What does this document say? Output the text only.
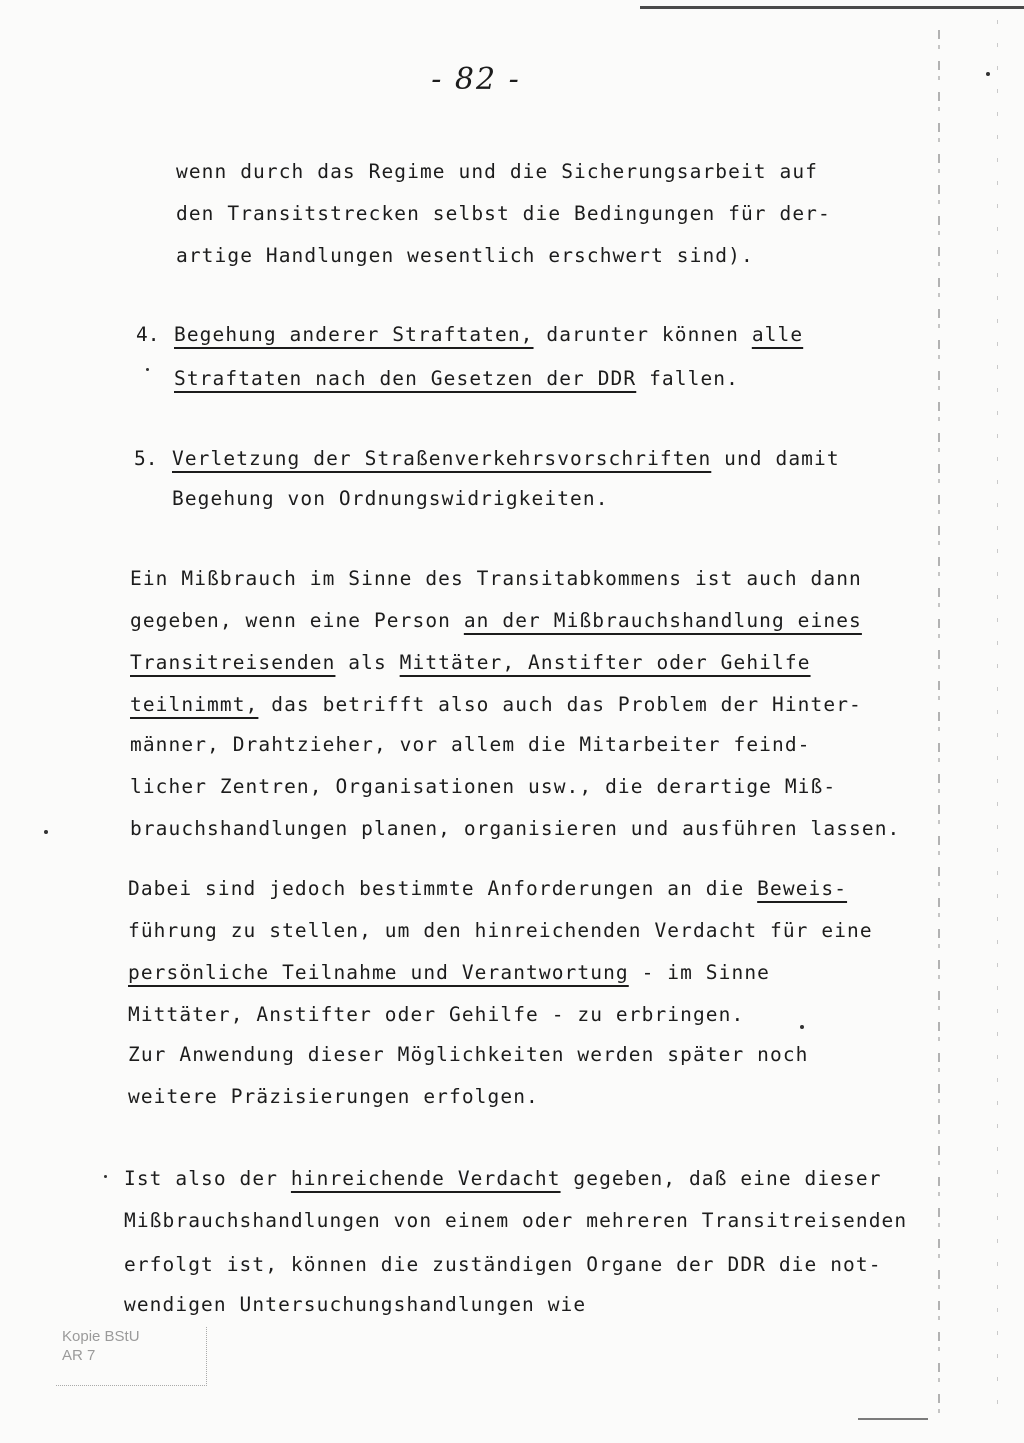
- 82 -
wenn durch das Regime und die Sicherungsarbeit auf
den Transitstrecken selbst die Bedingungen für der-
artige Handlungen wesentlich erschwert sind).
4. Begehung anderer Straftaten, darunter können alle
Straftaten nach den Gesetzen der DDR fallen.
5. Verletzung der Straßenverkehrsvorschriften und damit
Begehung von Ordnungswidrigkeiten.
Ein Mißbrauch im Sinne des Transitabkommens ist auch dann
gegeben, wenn eine Person an der Mißbrauchshandlung eines
Transitreisenden als Mittäter, Anstifter oder Gehilfe
teilnimmt, das betrifft also auch das Problem der Hinter-
männer, Drahtzieher, vor allem die Mitarbeiter feind-
licher Zentren, Organisationen usw., die derartige Miß-
brauchshandlungen planen, organisieren und ausführen lassen.
Dabei sind jedoch bestimmte Anforderungen an die Beweis-
führung zu stellen, um den hinreichenden Verdacht für eine
persönliche Teilnahme und Verantwortung - im Sinne
Mittäter, Anstifter oder Gehilfe - zu erbringen.
Zur Anwendung dieser Möglichkeiten werden später noch
weitere Präzisierungen erfolgen.
Ist also der hinreichende Verdacht gegeben, daß eine dieser
Mißbrauchshandlungen von einem oder mehreren Transitreisenden
erfolgt ist, können die zuständigen Organe der DDR die not-
wendigen Untersuchungshandlungen wie
Kopie BStU
AR 7
